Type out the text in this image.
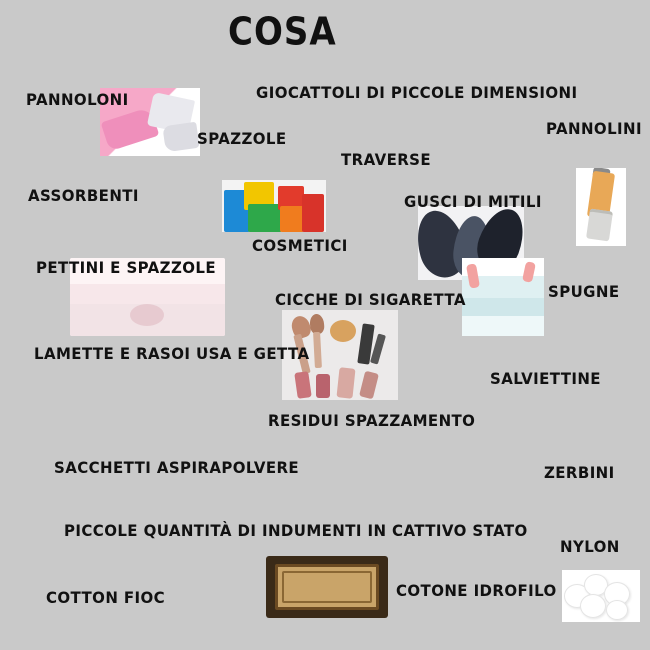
COSA
PANNOLONI	GIOCATTOLI DI PICCOLE DIMENSIONI
PANNOLINI
SPAZZOLE
TRAVERSE
ASSORBENTI	GUSCI DI MITILI
COSMETICI
PETTINI E SPAZZOLE
CICCHE DI SIGARETTA	SPUGNE
LAMETTE E RASOI USA E GETTA
SALVIETTINE
RESIDUI SPAZZAMENTO
SACCHETTI ASPIRAPOLVERE	ZERBINI
PICCOLE QUANTITÀ DI INDUMENTI IN CATTIVO STATO
NYLON
COTTON FIOC	COTONE IDROFILO
